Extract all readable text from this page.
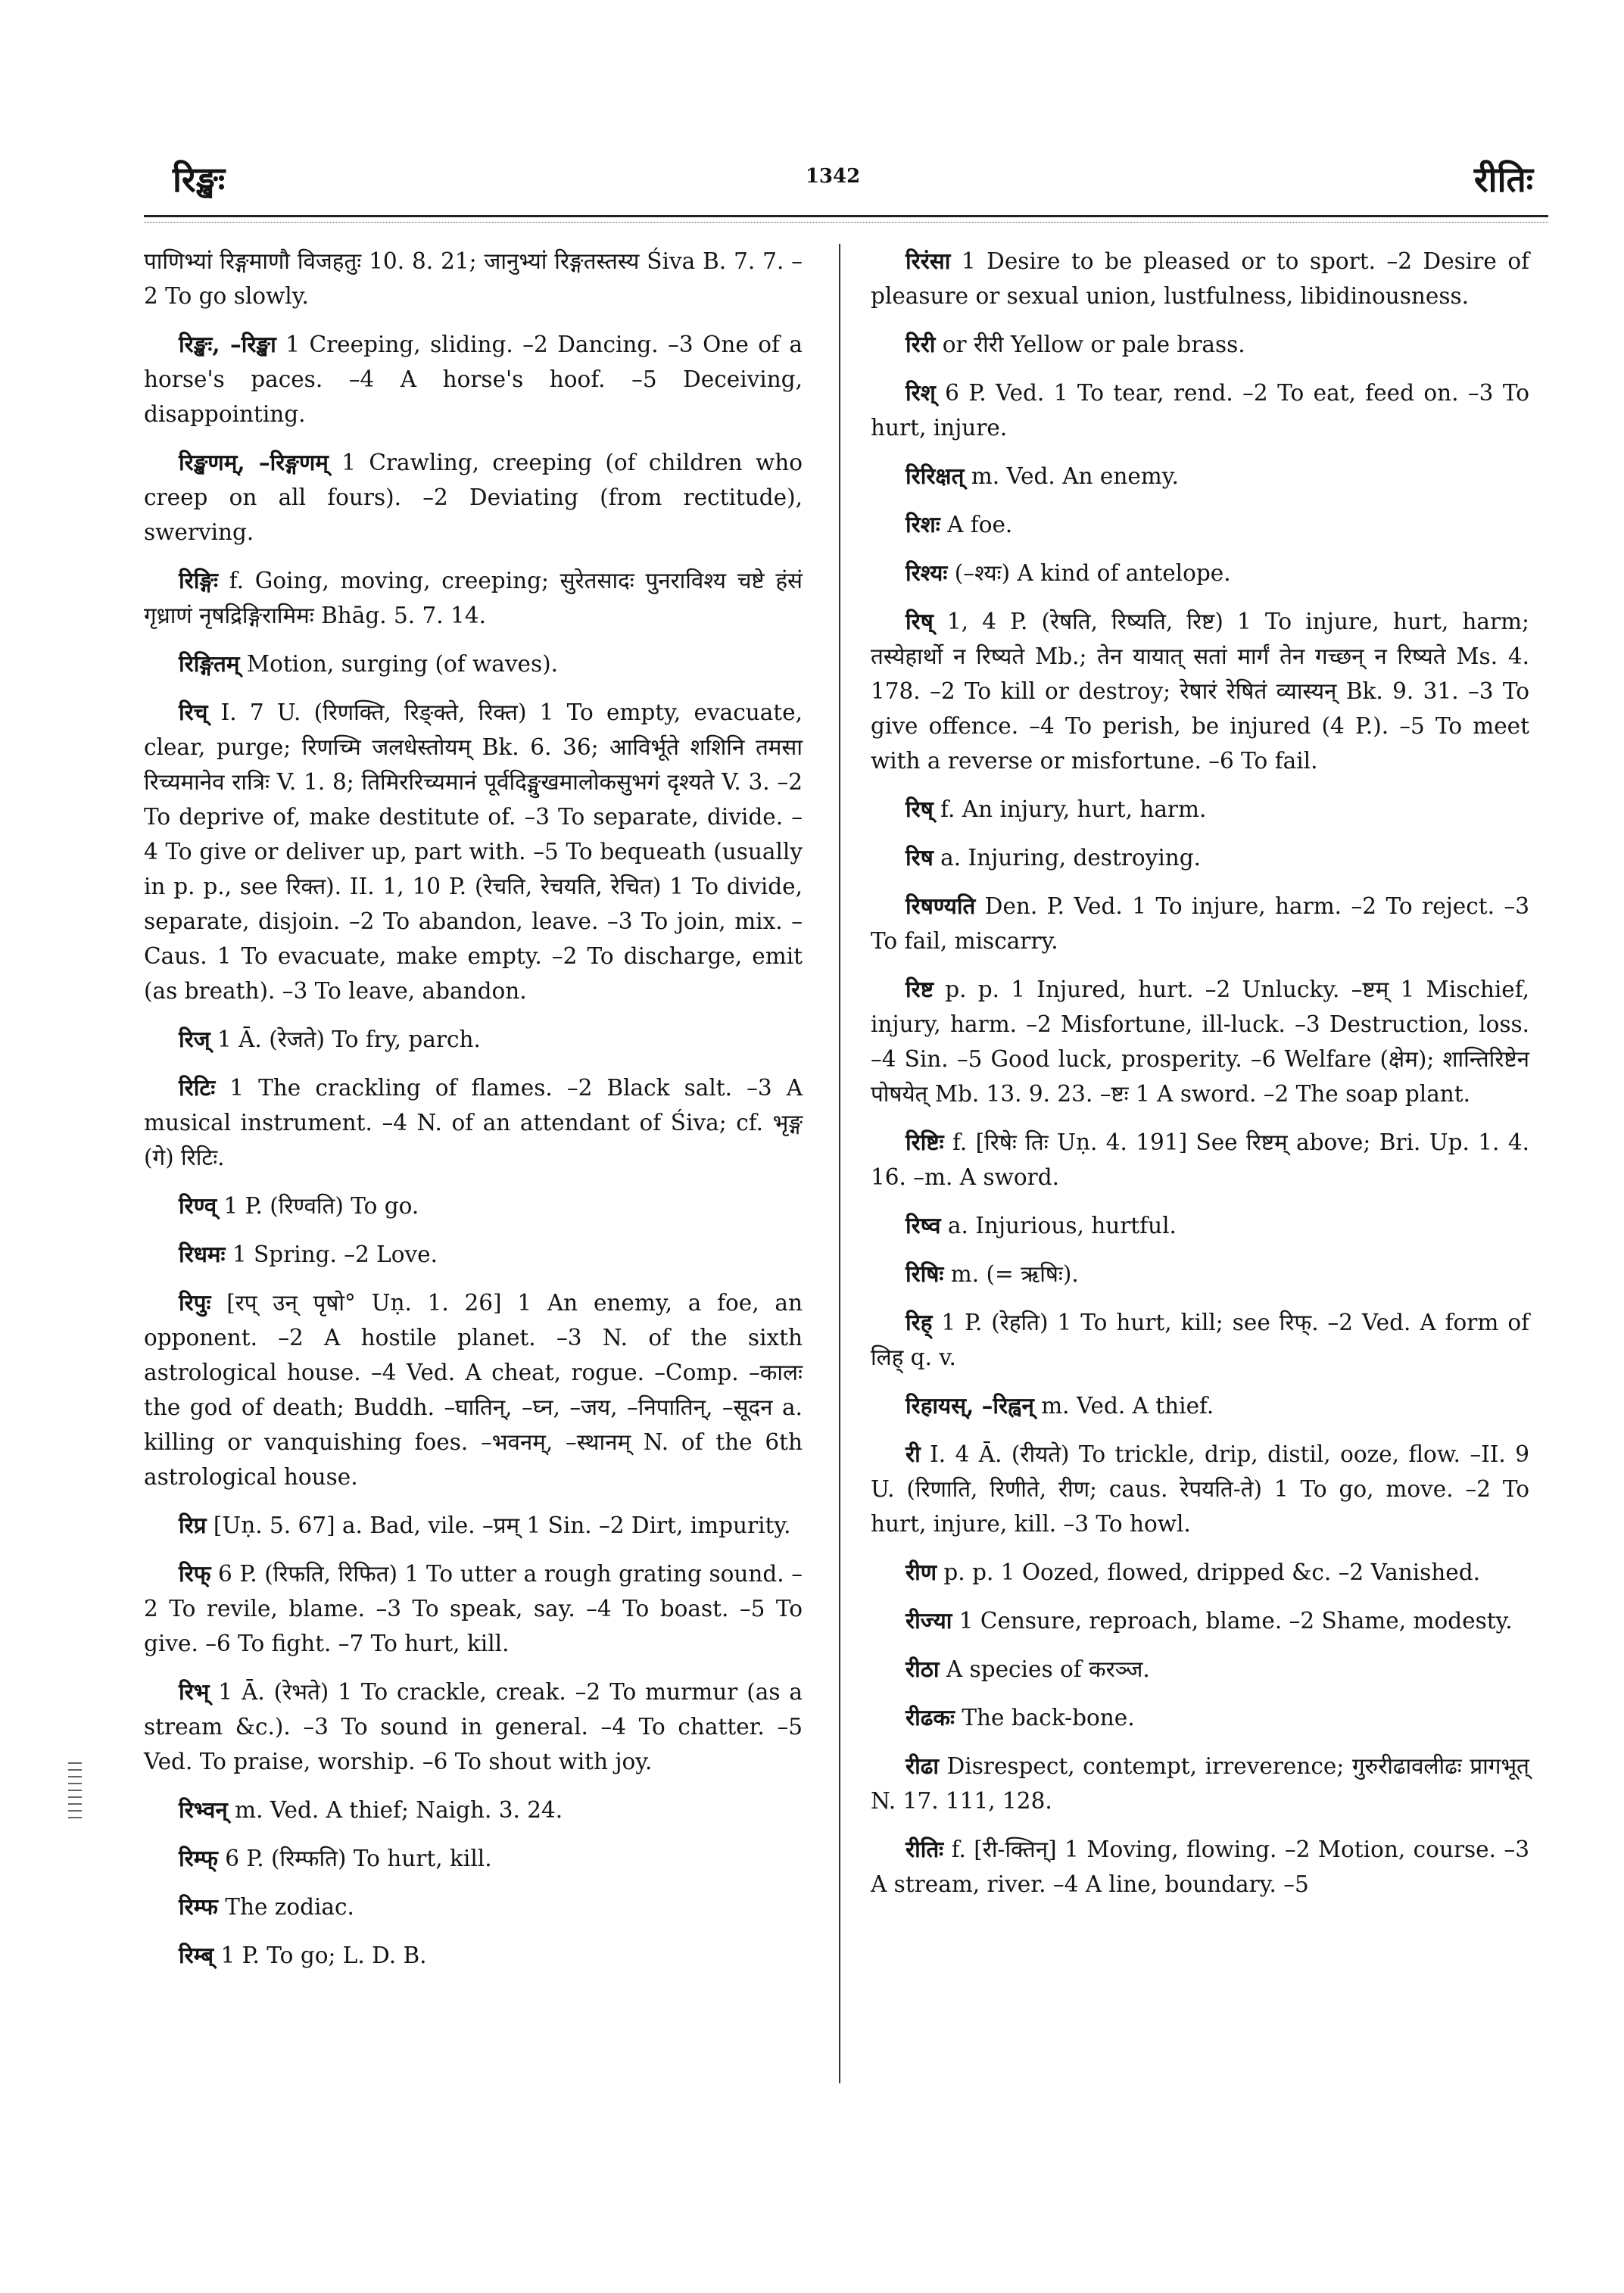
रिङ्खः	1342	रीतिः
पाणिभ्यां रिङ्गमाणौ विजहतुः 10. 8. 21; जानुभ्यां रिङ्गतस्तस्य Śiva B. 7. 7. –2 To go slowly.
रिङ्खः, –रिङ्खा 1 Creeping, sliding. –2 Dancing. –3 One of a horse's paces. –4 A horse's hoof. –5 Deceiving, disappointing.
रिङ्खणम्, –रिङ्गणम् 1 Crawling, creeping (of children who creep on all fours). –2 Deviating (from rectitude), swerving.
रिङ्गिः f. Going, moving, creeping; सुरेतसादः पुनराविश्य चष्टे हंसं गृध्राणं नृषद्रिङ्गिरामिमः Bhāg. 5. 7. 14.
रिङ्गितम् Motion, surging (of waves).
रिच् I. 7 U. (रिणक्ति, रिङ्क्ते, रिक्त) 1 To empty, evacuate, clear, purge; रिणच्मि जलधेस्तोयम् Bk. 6. 36; आविर्भूते शशिनि तमसा रिच्यमानेव रात्रिः V. 1. 8; तिमिररिच्यमानं पूर्वदिङ्मुखमालोकसुभगं दृश्यते V. 3. –2 To deprive of, make destitute of. –3 To separate, divide. –4 To give or deliver up, part with. –5 To bequeath (usually in p. p., see रिक्त). II. 1, 10 P. (रेचति, रेचयति, रेचित) 1 To divide, separate, disjoin. –2 To abandon, leave. –3 To join, mix. –Caus. 1 To evacuate, make empty. –2 To discharge, emit (as breath). –3 To leave, abandon.
रिज् 1 Ā. (रेजते) To fry, parch.
रिटिः 1 The crackling of flames. –2 Black salt. –3 A musical instrument. –4 N. of an attendant of Śiva; cf. भृङ्ग (गे) रिटिः.
रिण्व् 1 P. (रिण्वति) To go.
रिधमः 1 Spring. –2 Love.
रिपुः [रप् उन् पृषो° Uṇ. 1. 26] 1 An enemy, a foe, an opponent. –2 A hostile planet. –3 N. of the sixth astrological house. –4 Ved. A cheat, rogue. –Comp. –कालः the god of death; Buddh. –घातिन्, –घ्न, –जय, –निपातिन्, –सूदन a. killing or vanquishing foes. –भवनम्, –स्थानम् N. of the 6th astrological house.
रिप्र [Uṇ. 5. 67] a. Bad, vile. –प्रम् 1 Sin. –2 Dirt, impurity.
रिफ् 6 P. (रिफति, रिफित) 1 To utter a rough grating sound. –2 To revile, blame. –3 To speak, say. –4 To boast. –5 To give. –6 To fight. –7 To hurt, kill.
रिभ् 1 Ā. (रेभते) 1 To crackle, creak. –2 To murmur (as a stream &c.). –3 To sound in general. –4 To chatter. –5 Ved. To praise, worship. –6 To shout with joy.
रिभ्वन् m. Ved. A thief; Naigh. 3. 24.
रिम्फ् 6 P. (रिम्फति) To hurt, kill.
रिम्फ The zodiac.
रिम्ब् 1 P. To go; L. D. B.
रिरंसा 1 Desire to be pleased or to sport. –2 Desire of pleasure or sexual union, lustfulness, libidinousness.
रिरी or रीरी Yellow or pale brass.
रिश् 6 P. Ved. 1 To tear, rend. –2 To eat, feed on. –3 To hurt, injure.
रिरिक्षत् m. Ved. An enemy.
रिशः A foe.
रिश्यः (–श्यः) A kind of antelope.
रिष् 1, 4 P. (रेषति, रिष्यति, रिष्ट) 1 To injure, hurt, harm; तस्येहार्थो न रिष्यते Mb.; तेन यायात् सतां मार्गं तेन गच्छन् न रिष्यते Ms. 4. 178. –2 To kill or destroy; रेषारं रेषितं व्यास्यन् Bk. 9. 31. –3 To give offence. –4 To perish, be injured (4 P.). –5 To meet with a reverse or misfortune. –6 To fail.
रिष् f. An injury, hurt, harm.
रिष a. Injuring, destroying.
रिषण्यति Den. P. Ved. 1 To injure, harm. –2 To reject. –3 To fail, miscarry.
रिष्ट p. p. 1 Injured, hurt. –2 Unlucky. –ष्टम् 1 Mischief, injury, harm. –2 Misfortune, ill-luck. –3 Destruction, loss. –4 Sin. –5 Good luck, prosperity. –6 Welfare (क्षेम); शान्तिरिष्टेन पोषयेत् Mb. 13. 9. 23. –ष्टः 1 A sword. –2 The soap plant.
रिष्टिः f. [रिषेः तिः Uṇ. 4. 191] See रिष्टम् above; Bri. Up. 1. 4. 16. –m. A sword.
रिष्व a. Injurious, hurtful.
रिषिः m. (= ऋषिः).
रिह् 1 P. (रेहति) 1 To hurt, kill; see रिफ्. –2 Ved. A form of लिह् q. v.
रिहायस्, –रिह्वन् m. Ved. A thief.
री I. 4 Ā. (रीयते) To trickle, drip, distil, ooze, flow. –II. 9 U. (रिणाति, रिणीते, रीण; caus. रेपयति-ते) 1 To go, move. –2 To hurt, injure, kill. –3 To howl.
रीण p. p. 1 Oozed, flowed, dripped &c. –2 Vanished.
रीज्या 1 Censure, reproach, blame. –2 Shame, modesty.
रीठा A species of करञ्ज.
रीढकः The back-bone.
रीढा Disrespect, contempt, irreverence; गुरुरीढावलीढः प्रागभूत् N. 17. 111, 128.
रीतिः f. [री-क्तिन्] 1 Moving, flowing. –2 Motion, course. –3 A stream, river. –4 A line, boundary. –5
